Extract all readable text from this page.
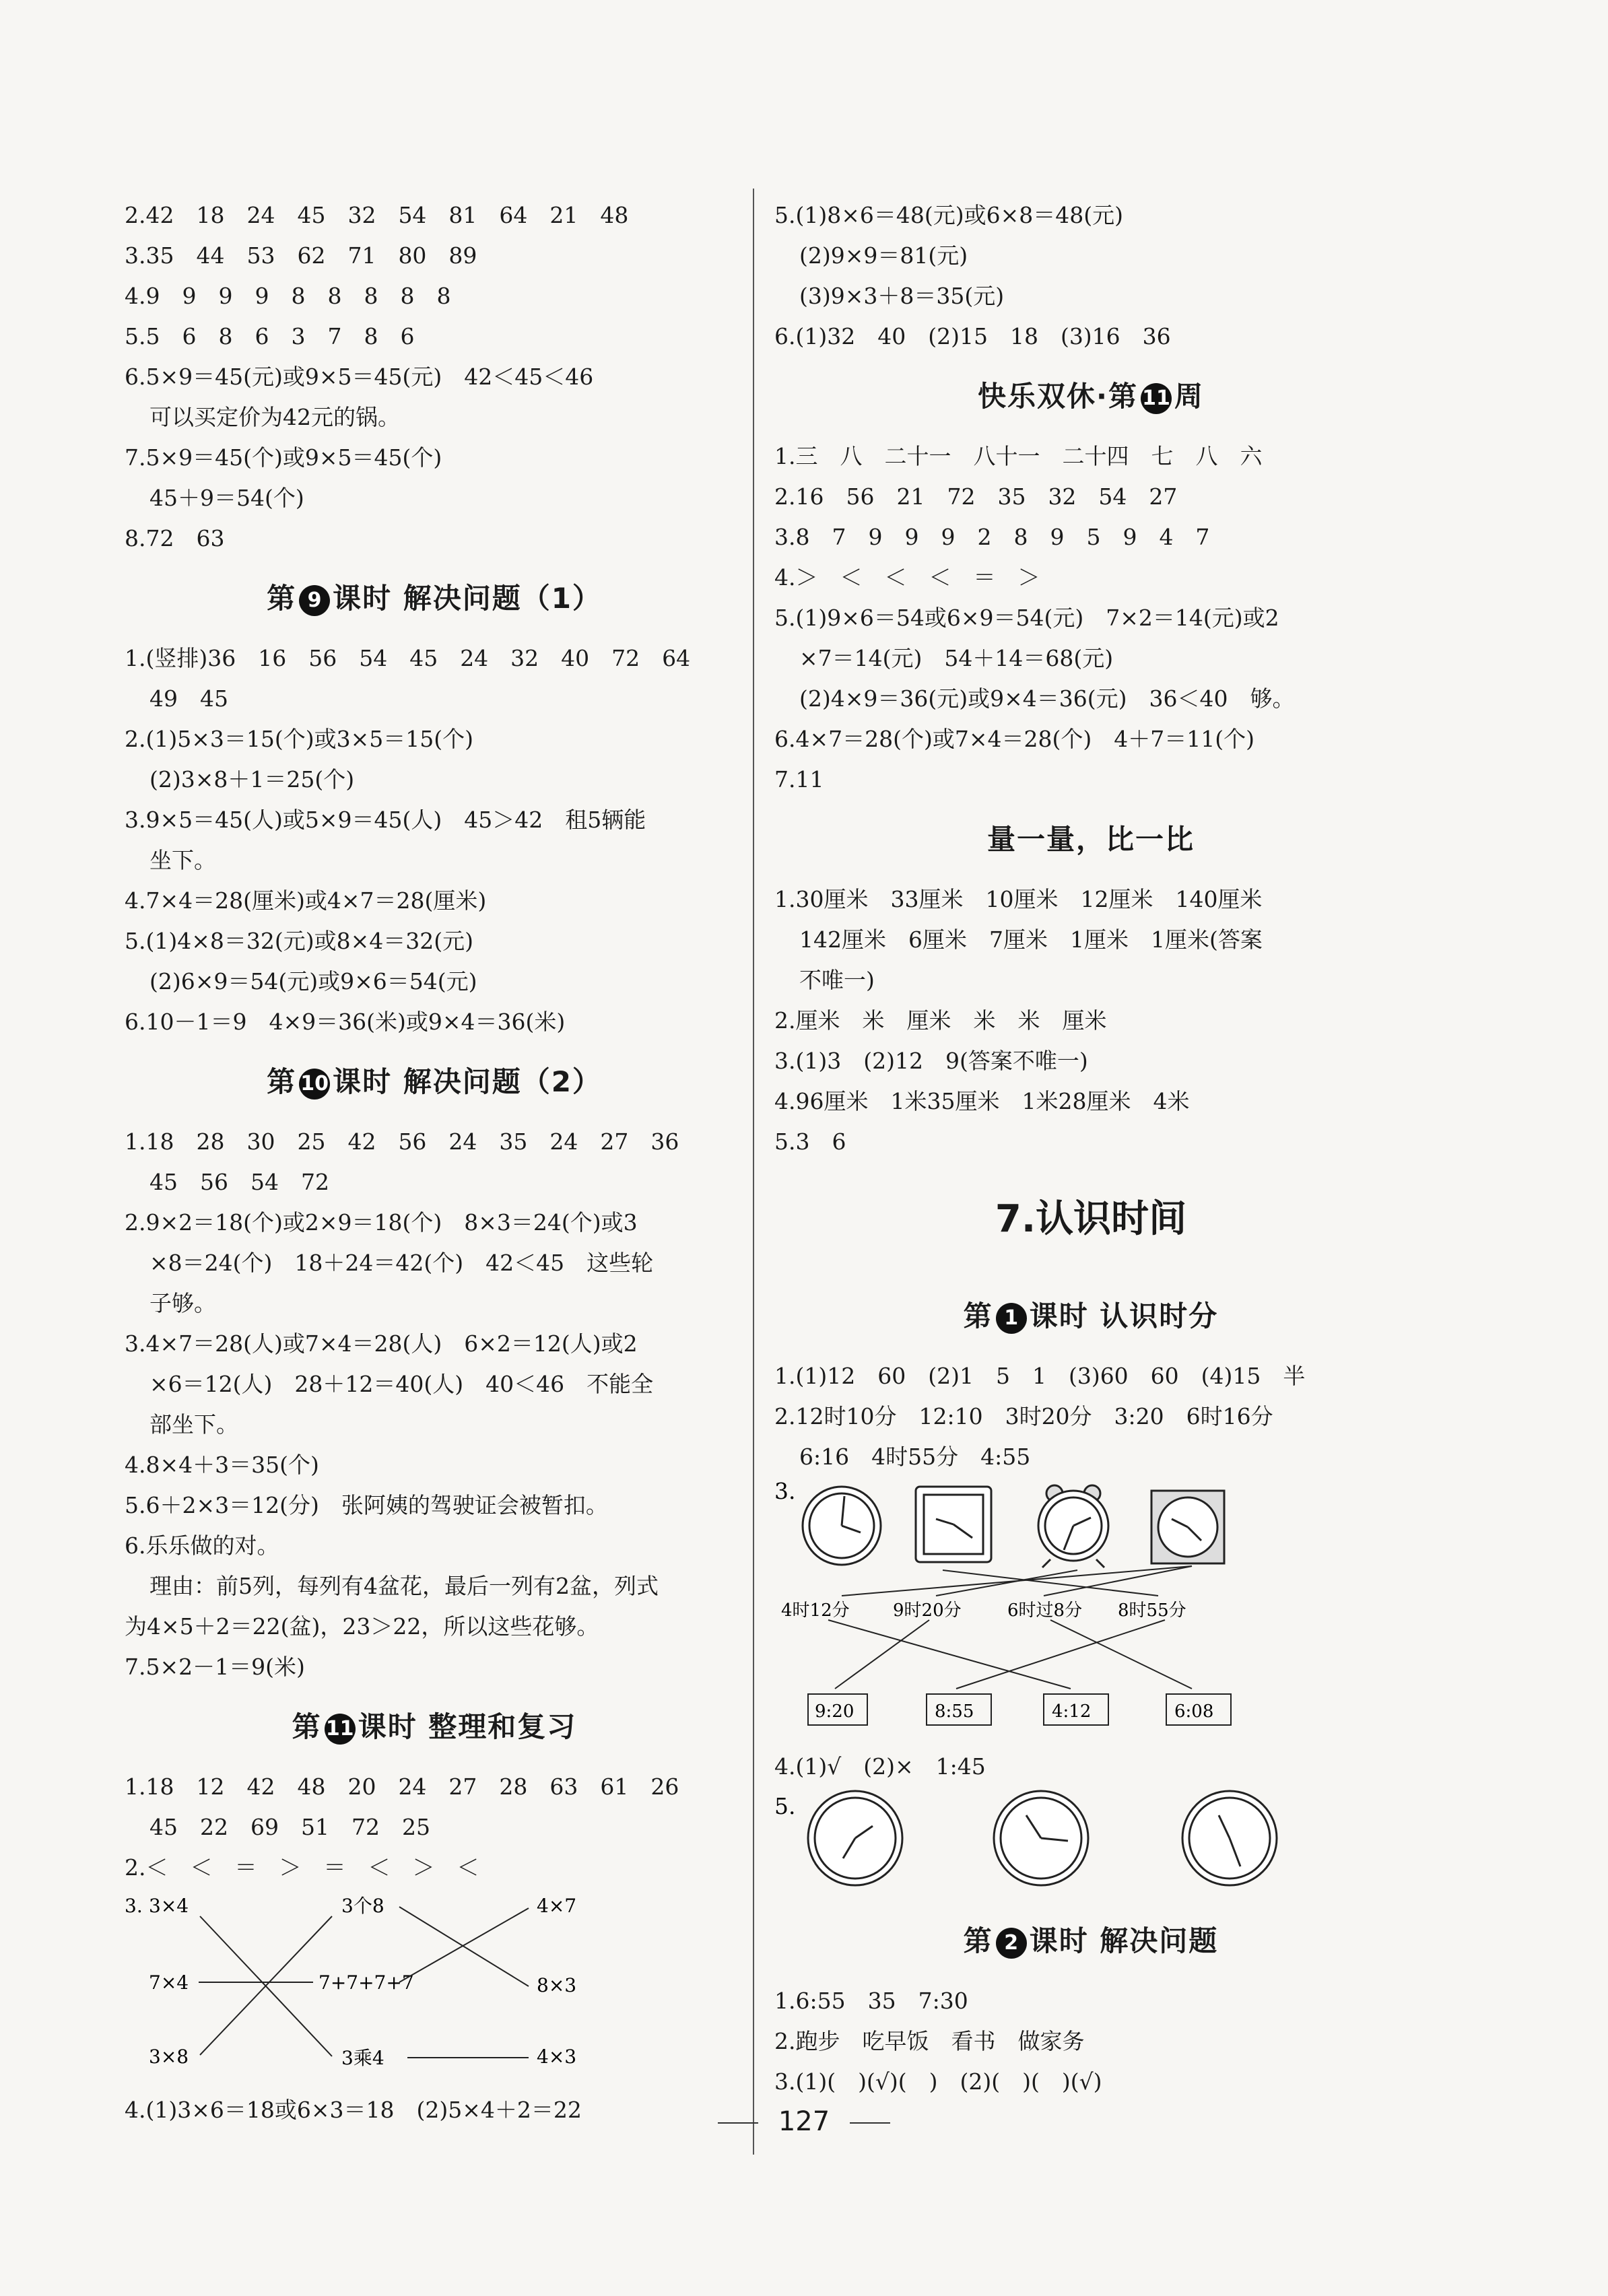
2.42　18　24　45　32　54　81　64　21　48
3.35　44　53　62　71　80　89
4.9　9　9　9　8　8　8　8　8
5.5　6　8　6　3　7　8　6
6.5×9＝45(元)或9×5＝45(元)　42＜45＜46
可以买定价为42元的锅。
7.5×9＝45(个)或9×5＝45(个)
45＋9＝54(个)
8.72　63
第 9 课时 解决问题（1）
1.(竖排)36　16　56　54　45　24　32　40　72　64
49　45
2.(1)5×3＝15(个)或3×5＝15(个)
(2)3×8＋1＝25(个)
3.9×5＝45(人)或5×9＝45(人)　45＞42　租5辆能
坐下。
4.7×4＝28(厘米)或4×7＝28(厘米)
5.(1)4×8＝32(元)或8×4＝32(元)
(2)6×9＝54(元)或9×6＝54(元)
6.10－1＝9　4×9＝36(米)或9×4＝36(米)
第 10 课时 解决问题（2）
1.18　28　30　25　42　56　24　35　24　27　36
45　56　54　72
2.9×2＝18(个)或2×9＝18(个)　8×3＝24(个)或3
×8＝24(个)　18＋24＝42(个)　42＜45　这些轮
子够。
3.4×7＝28(人)或7×4＝28(人)　6×2＝12(人)或2
×6＝12(人)　28＋12＝40(人)　40＜46　不能全
部坐下。
4.8×4＋3＝35(个)
5.6＋2×3＝12(分)　张阿姨的驾驶证会被暂扣。
6.乐乐做的对。
理由：前5列，每列有4盆花，最后一列有2盆，列式
为4×5＋2＝22(盆)，23＞22，所以这些花够。
7.5×2－1＝9(米)
第 11 课时 整理和复习
1.18　12　42　48　20　24　27　28　63　61　26
45　22　69　51　72　25
2.＜　＜　＝　＞　＝　＜　＞　＜
3. 3×4
7×4
3×8
3个8
7+7+7+7
3乘4
4×7
8×3
4×3
4.(1)3×6＝18或6×3＝18　(2)5×4＋2＝22
5.(1)8×6＝48(元)或6×8＝48(元)
(2)9×9＝81(元)
(3)9×3＋8＝35(元)
6.(1)32　40　(2)15　18　(3)16　36
快乐双休·第 11 周
1.三　八　二十一　八十一　二十四　七　八　六
2.16　56　21　72　35　32　54　27
3.8　7　9　9　9　2　8　9　5　9　4　7
4.＞　＜　＜　＜　＝　＞
5.(1)9×6＝54或6×9＝54(元)　7×2＝14(元)或2
×7＝14(元)　54＋14＝68(元)
(2)4×9＝36(元)或9×4＝36(元)　36＜40　够。
6.4×7＝28(个)或7×4＝28(个)　4＋7＝11(个)
7.11
量一量，比一比
1.30厘米　33厘米　10厘米　12厘米　140厘米
142厘米　6厘米　7厘米　1厘米　1厘米(答案
不唯一)
2.厘米　米　厘米　米　米　厘米
3.(1)3　(2)12　9(答案不唯一)
4.96厘米　1米35厘米　1米28厘米　4米
5.3　6
7.认识时间
第 1 课时 认识时分
1.(1)12　60　(2)1　5　1　(3)60　60　(4)15　半
2.12时10分　12:10　3时20分　3:20　6时16分
6:16　4时55分　4:55
3.
4时12分 9时20分	6时过8分 8时55分
9:20	8:55	4:12	6:08
4.(1)√　(2)×　1:45
5.
第 2 课时 解决问题
1.6:55　35　7:30
2.跑步　吃早饭　看书　做家务
3.(1)(　)(√)(　)　(2)(　)(　)(√)
127
